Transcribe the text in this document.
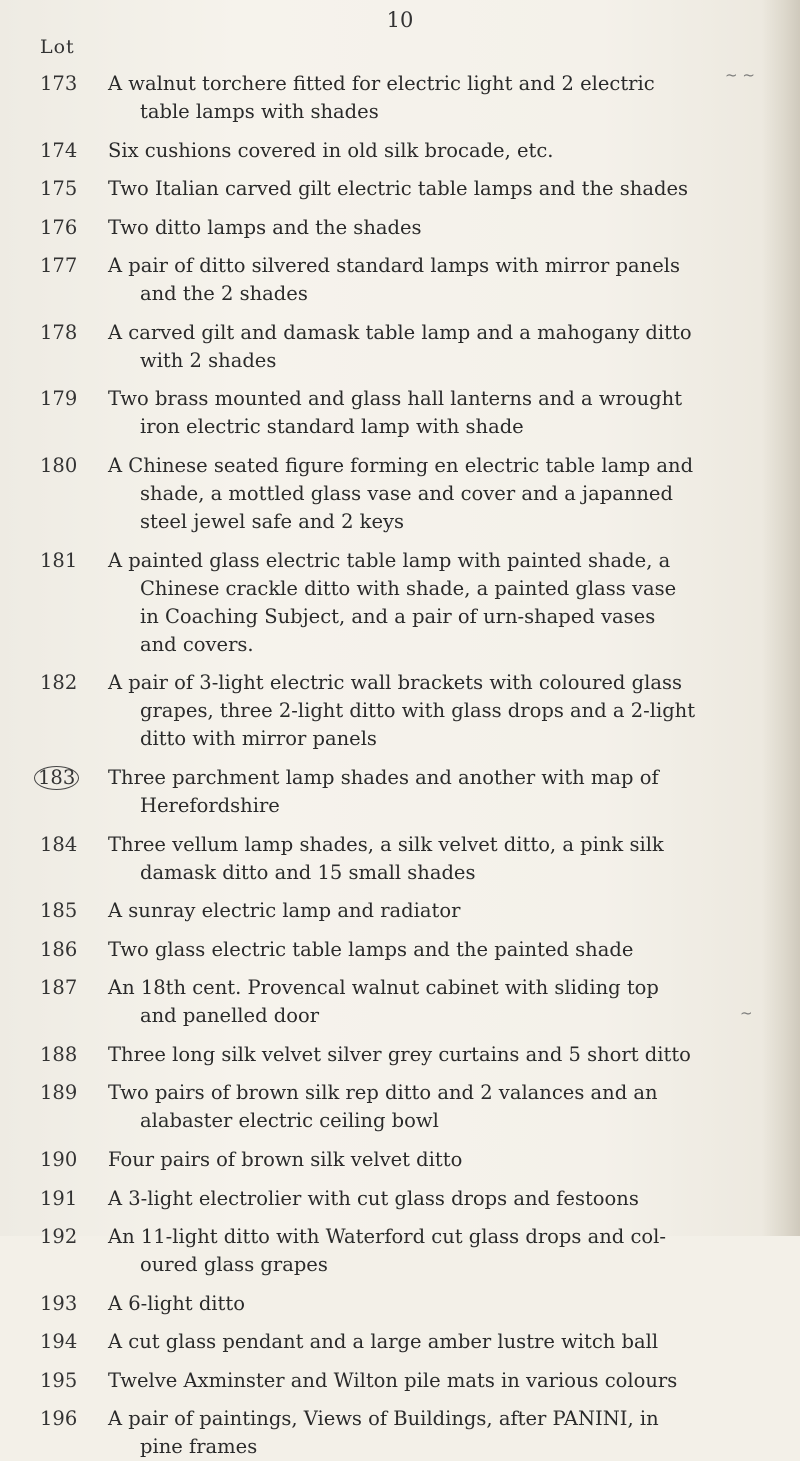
10
Lot
173	A walnut torchere fitted for electric light and 2 electric
table lamps with shades
174	Six cushions covered in old silk brocade, etc.
175	Two Italian carved gilt electric table lamps and the shades
176	Two ditto lamps and the shades
177	A pair of ditto silvered standard lamps with mirror panels
and the 2 shades
178	A carved gilt and damask table lamp and a mahogany ditto
with 2 shades
179	Two brass mounted and glass hall lanterns and a wrought
iron electric standard lamp with shade
180	A Chinese seated figure forming en electric table lamp and
shade, a mottled glass vase and cover and a japanned
steel jewel safe and 2 keys
181	A painted glass electric table lamp with painted shade, a
Chinese crackle ditto with shade, a painted glass vase
in Coaching Subject, and a pair of urn-shaped vases
and covers.
182	A pair of 3-light electric wall brackets with coloured glass
grapes, three 2-light ditto with glass drops and a 2-light
ditto with mirror panels
183	Three parchment lamp shades and another with map of
Herefordshire
184	Three vellum lamp shades, a silk velvet ditto, a pink silk
damask ditto and 15 small shades
185	A sunray electric lamp and radiator
186	Two glass electric table lamps and the painted shade
187	An 18th cent. Provencal walnut cabinet with sliding top
and panelled door
188	Three long silk velvet silver grey curtains and 5 short ditto
189	Two pairs of brown silk rep ditto and 2 valances and an
alabaster electric ceiling bowl
190	Four pairs of brown silk velvet ditto
191	A 3-light electrolier with cut glass drops and festoons
192	An 11-light ditto with Waterford cut glass drops and col-
oured glass grapes
193	A 6-light ditto
194	A cut glass pendant and a large amber lustre witch ball
195	Twelve Axminster and Wilton pile mats in various colours
196	A pair of paintings, Views of Buildings, after PANINI, in
pine frames
~ ~
~
